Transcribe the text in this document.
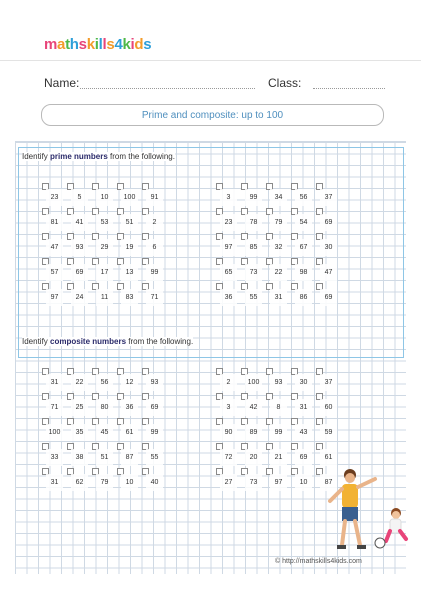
mathskills4kids
Name:	Class:
Prime and composite: up to 100
Identify prime numbers from the following.
Identify composite numbers from the following.
23	5	10	100	91
81	41	53	51	2
47	93	29	19	6
57	69	17	13	99
97	24	11	83	71
3	99	34	56	37
23	78	79	54	69
97	85	32	67	30
65	73	22	98	47
36	55	31	86	69
31	22	56	12	93
71	25	80	36	69
100	35	45	61	99
33	38	51	87	55
31	62	79	10	40
2	100	93	30	37
3	42	8	31	60
90	89	99	43	59
72	20	21	69	61
27	73	97	10	87
© http://mathskills4kids.com
